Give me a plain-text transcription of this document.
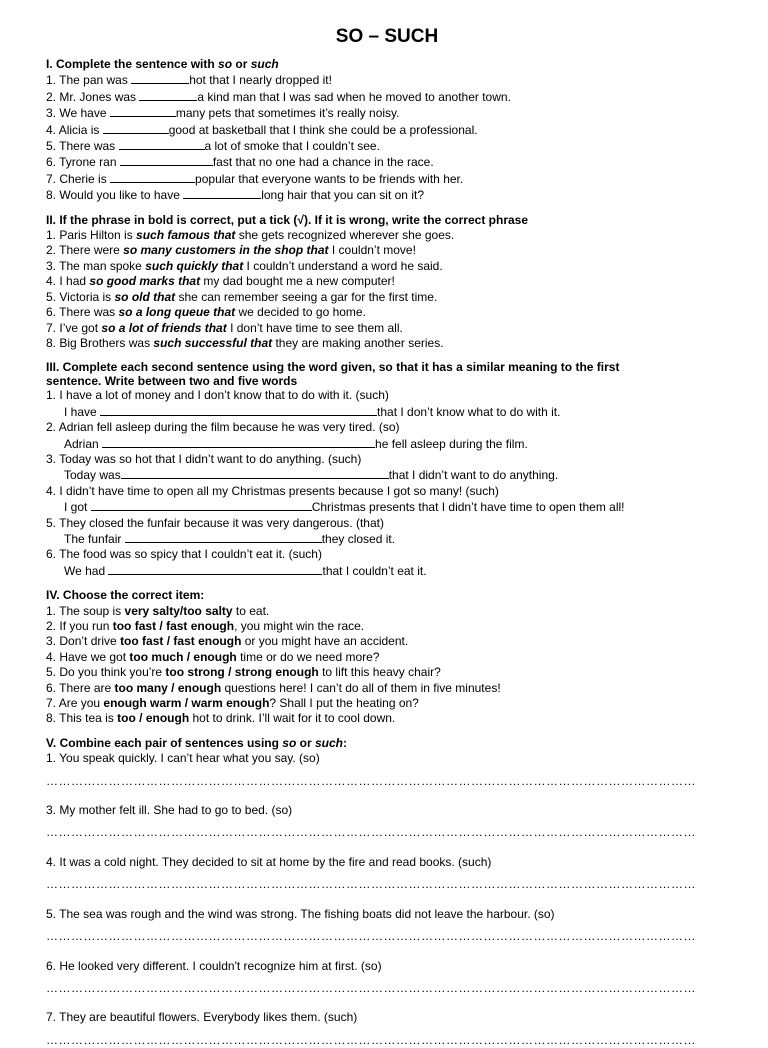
SO – SUCH

I. Complete the sentence with so or such

1. The pan was	hot that I nearly dropped it!

2. Mr. Jones was	a kind man that I was sad when he moved to another town.

3. We have	many pets that sometimes it’s really noisy.

4. Alicia is	good at basketball that I think she could be a professional.

5. There was	a lot of smoke that I couldn’t see.

6. Tyrone ran	fast that no one had a chance in the race.

7. Cherie is	popular that everyone wants to be friends with her.

8. Would you like to have	long hair that you can sit on it?

II. If the phrase in bold is correct, put a tick (√). If it is wrong, write the correct phrase

1. Paris Hilton is such famous that she gets recognized wherever she goes.

2. There were so many customers in the shop that I couldn’t move!

3. The man spoke such quickly that I couldn’t understand a word he said.

4. I had so good marks that my dad bought me a new computer!

5. Victoria is so old that she can remember seeing a gar for the first time.

6. There was so a long queue that we decided to go home.

7. I’ve got so a lot of friends that I don’t have time to see them all.

8. Big Brothers was such successful that they are making another series.

III. Complete each second sentence using the word given, so that it has a similar meaning to the first
sentence. Write between two and five words

1. I have a lot of money and I don’t know that to do with it. (such)

I have	that I don’t know what to do with it.

2. Adrian fell asleep during the film because he was very tired. (so)

Adrian	he fell asleep during the film.

3. Today was so hot that I didn’t want to do anything. (such)

Today was	that I didn’t want to do anything.

4. I didn’t have time to open all my Christmas presents because I got so many! (such)

I got	Christmas presents that I didn’t have time to open them all!

5. They closed the funfair because it was very dangerous. (that)

The funfair	they closed it.

6. The food was so spicy that I couldn’t eat it. (such)

We had	that I couldn’t eat it.

IV. Choose the correct item:

1. The soup is very salty/too salty to eat.

2. If you run too fast / fast enough, you might win the race.

3. Don’t drive too fast / fast enough or you might have an accident.

4. Have we got too much / enough time or do we need more?

5. Do you think you’re too strong / strong enough to lift this heavy chair?

6. There are too many / enough questions here! I can’t do all of them in five minutes!

7. Are you enough warm / warm enough? Shall I put the heating on?

8. This tea is too / enough hot to drink. I’ll wait for it to cool down.

V. Combine each pair of sentences using so or such:

1. You speak quickly. I can’t hear what you say. (so)

…………………………………………………………………………………………………………………………………………

3. My mother felt ill. She had to go to bed. (so)

…………………………………………………………………………………………………………………………………………

4. It was a cold night. They decided to sit at home by the fire and read books. (such)

…………………………………………………………………………………………………………………………………………

5. The sea was rough and the wind was strong. The fishing boats did not leave the harbour. (so)

…………………………………………………………………………………………………………………………………………

6. He looked very different. I couldn't recognize him at first. (so)

…………………………………………………………………………………………………………………………………………

7. They are beautiful flowers. Everybody likes them. (such)

…………………………………………………………………………………………………………………………………………
